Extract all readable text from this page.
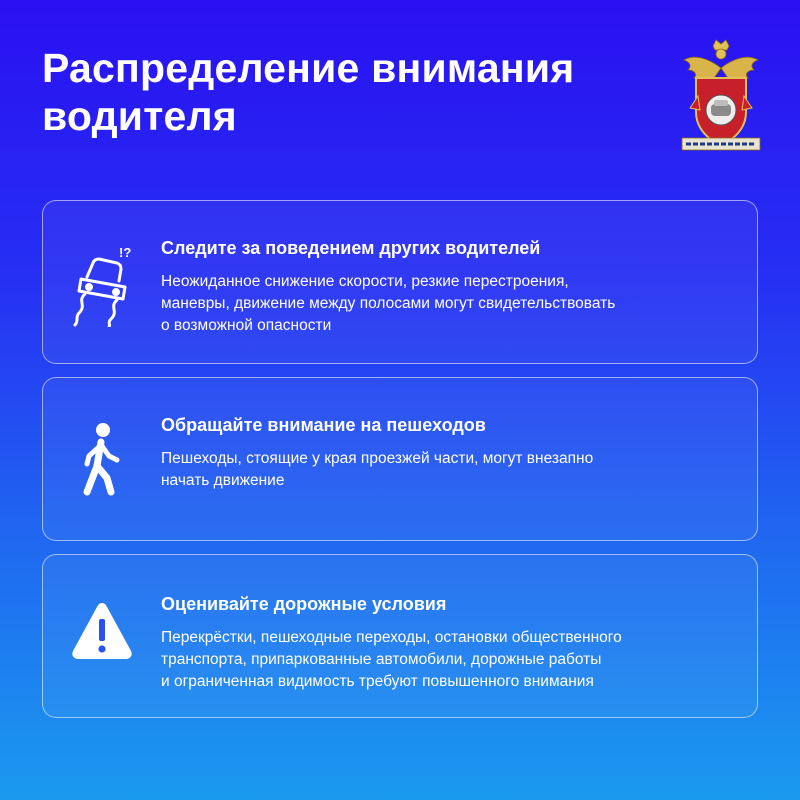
Распределение внимания
водителя
!? Следите за поведением других водителей

Неожиданное снижение скорости, резкие перестроения,
маневры, движение между полосами могут свидетельствовать
о возможной опасности

Обращайте внимание на пешеходов

Пешеходы, стоящие у края проезжей части, могут внезапно
начать движение

Оценивайте дорожные условия

Перекрёстки, пешеходные переходы, остановки общественного
транспорта, припаркованные автомобили, дорожные работы
и ограниченная видимость требуют повышенного внимания
